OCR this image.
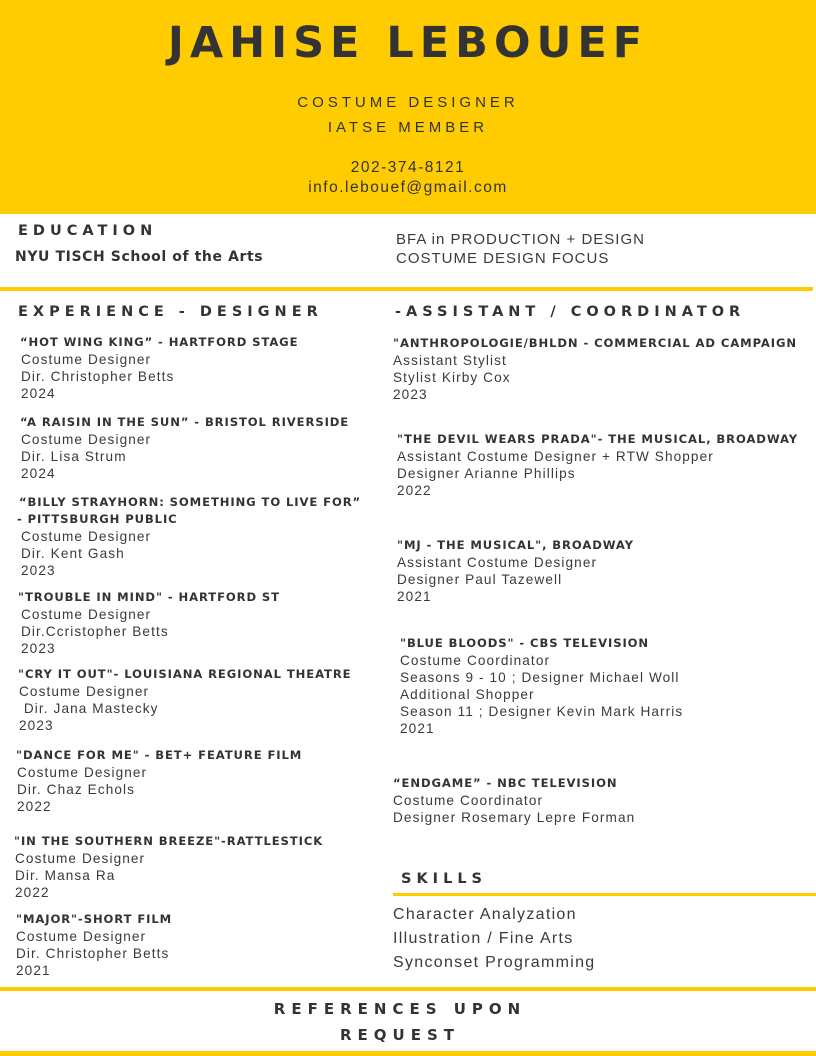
JAHISE LEBOUEF
COSTUME DESIGNER
IATSE MEMBER
202-374-8121
info.lebouef@gmail.com
EDUCATION
NYU TISCH School of the Arts
BFA in PRODUCTION + DESIGN
COSTUME DESIGN FOCUS
EXPERIENCE - DESIGNER
“HOT WING KING” - HARTFORD STAGE
Costume Designer
Dir. Christopher Betts
2024
“A RAISIN IN THE SUN” - BRISTOL RIVERSIDE
Costume Designer
Dir. Lisa Strum
2024
“BILLY STRAYHORN: SOMETHING TO LIVE FOR”
- PITTSBURGH PUBLIC
Costume Designer
Dir. Kent Gash
2023
"TROUBLE IN MIND" - HARTFORD ST
Costume Designer
Dir.Ccristopher Betts
2023
"CRY IT OUT"- LOUISIANA REGIONAL THEATRE
Costume Designer
Dir. Jana Mastecky
2023
"DANCE FOR ME" - BET+ FEATURE FILM
Costume Designer
Dir. Chaz Echols
2022
"IN THE SOUTHERN BREEZE"-RATTLESTICK
Costume Designer
Dir. Mansa Ra
2022
"MAJOR"-SHORT FILM
Costume Designer
Dir. Christopher Betts
2021
-ASSISTANT / COORDINATOR
"ANTHROPOLOGIE/BHLDN - COMMERCIAL AD CAMPAIGN
Assistant Stylist
Stylist Kirby Cox
2023
"THE DEVIL WEARS PRADA"- THE MUSICAL, BROADWAY
Assistant Costume Designer + RTW Shopper
Designer Arianne Phillips
2022
"MJ - THE MUSICAL", BROADWAY
Assistant Costume Designer
Designer Paul Tazewell
2021
"BLUE BLOODS" - CBS TELEVISION
Costume Coordinator
Seasons 9 - 10 ; Designer Michael Woll
Additional Shopper
Season 11 ; Designer Kevin Mark Harris
2021
“ENDGAME” - NBC TELEVISION
Costume Coordinator
Designer Rosemary Lepre Forman
SKILLS
Character Analyzation
Illustration / Fine Arts
Synconset Programming
REFERENCES UPON
REQUEST
